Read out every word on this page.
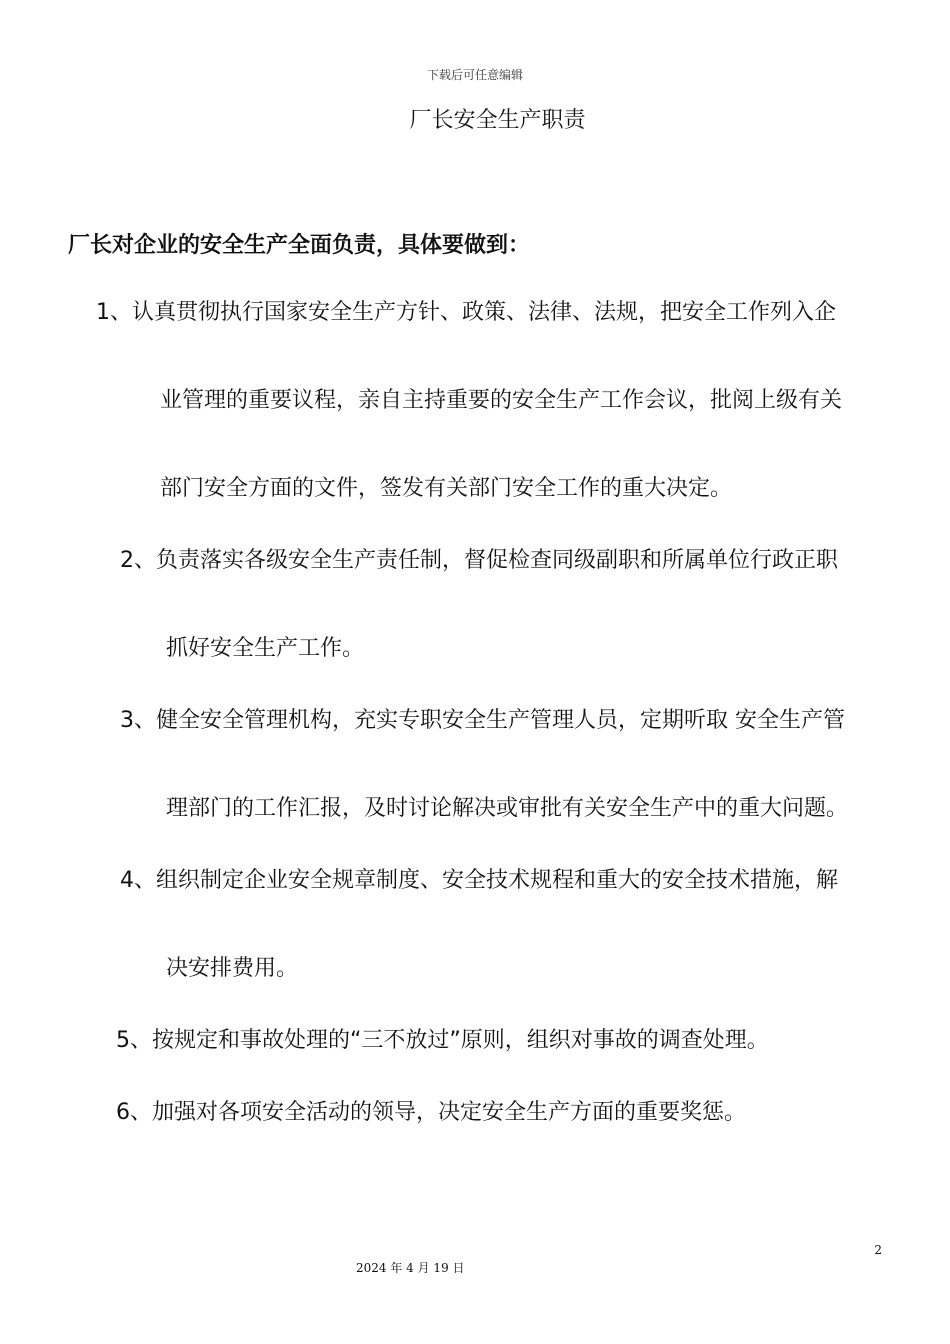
下载后可任意编辑
厂长安全生产职责
厂长对企业的安全生产全面负责，具体要做到：
1、认真贯彻执行国家安全生产方针、政策、法律、法规，把安全工作列入企
业管理的重要议程，亲自主持重要的安全生产工作会议，批阅上级有关
部门安全方面的文件，签发有关部门安全工作的重大决定。
2、负责落实各级安全生产责任制，督促检查同级副职和所属单位行政正职
抓好安全生产工作。
3、健全安全管理机构，充实专职安全生产管理人员，定期听取 安全生产管
理部门的工作汇报，及时讨论解决或审批有关安全生产中的重大问题。
4、组织制定企业安全规章制度、安全技术规程和重大的安全技术措施，解
决安排费用。
5、按规定和事故处理的“三不放过”原则，组织对事故的调查处理。
6、加强对各项安全活动的领导，决定安全生产方面的重要奖惩。
2
2024 年 4 月 19 日
